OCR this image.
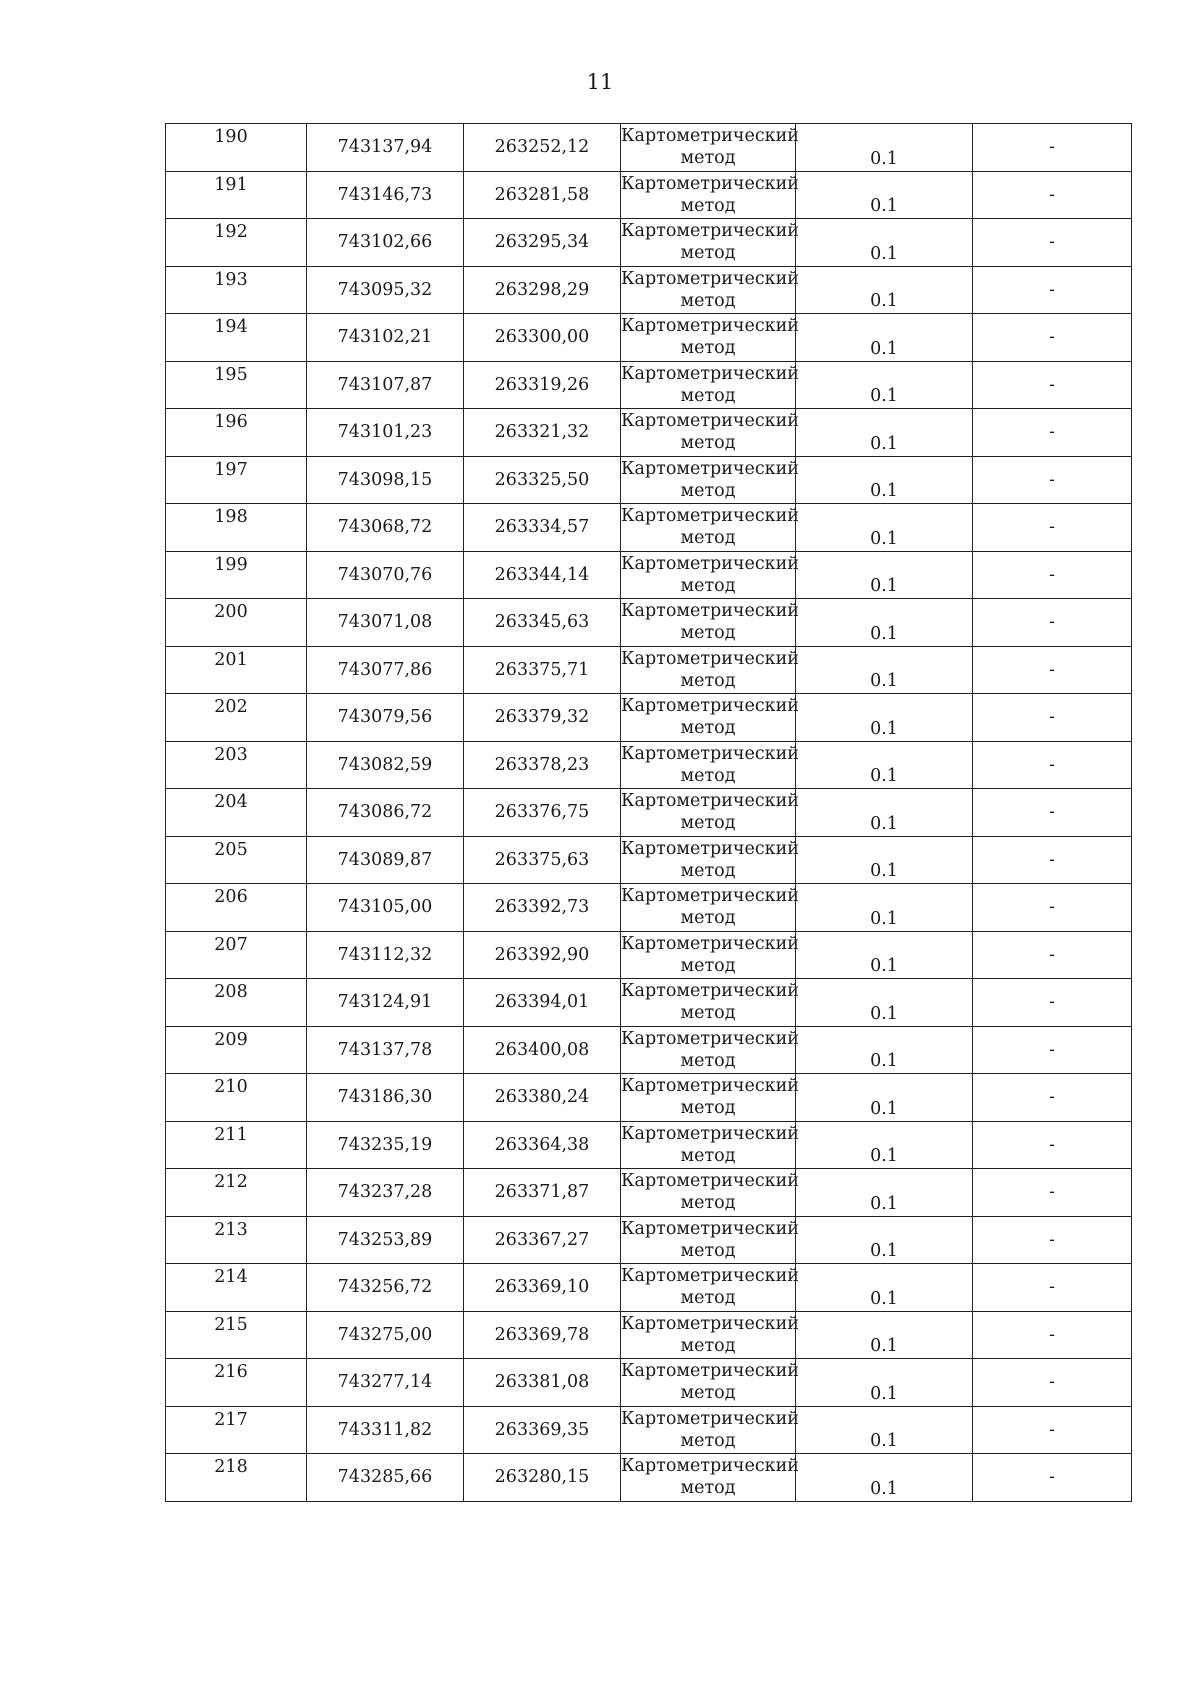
11
190	743137,94	263252,12	Картометрический
метод	0.1	-

191	743146,73	263281,58	Картометрический
метод	0.1	-

192	743102,66	263295,34	Картометрический
метод	0.1	-

193	743095,32	263298,29	Картометрический
метод	0.1	-

194	743102,21	263300,00	Картометрический
метод	0.1	-

195	743107,87	263319,26	Картометрический
метод	0.1	-

196	743101,23	263321,32	Картометрический
метод	0.1	-

197	743098,15	263325,50	Картометрический
метод	0.1	-

198	743068,72	263334,57	Картометрический
метод	0.1	-

199	743070,76	263344,14	Картометрический
метод	0.1	-

200	743071,08	263345,63	Картометрический
метод	0.1	-

201	743077,86	263375,71	Картометрический
метод	0.1	-

202	743079,56	263379,32	Картометрический
метод	0.1	-

203	743082,59	263378,23	Картометрический
метод	0.1	-

204	743086,72	263376,75	Картометрический
метод	0.1	-

205	743089,87	263375,63	Картометрический
метод	0.1	-

206	743105,00	263392,73	Картометрический
метод	0.1	-

207	743112,32	263392,90	Картометрический
метод	0.1	-

208	743124,91	263394,01	Картометрический
метод	0.1	-

209	743137,78	263400,08	Картометрический
метод	0.1	-

210	743186,30	263380,24	Картометрический
метод	0.1	-

211	743235,19	263364,38	Картометрический
метод	0.1	-

212	743237,28	263371,87	Картометрический
метод	0.1	-

213	743253,89	263367,27	Картометрический
метод	0.1	-

214	743256,72	263369,10	Картометрический
метод	0.1	-

215	743275,00	263369,78	Картометрический
метод	0.1	-

216	743277,14	263381,08	Картометрический
метод	0.1	-

217	743311,82	263369,35	Картометрический
метод	0.1	-

218	743285,66	263280,15	Картометрический
метод	0.1	-
